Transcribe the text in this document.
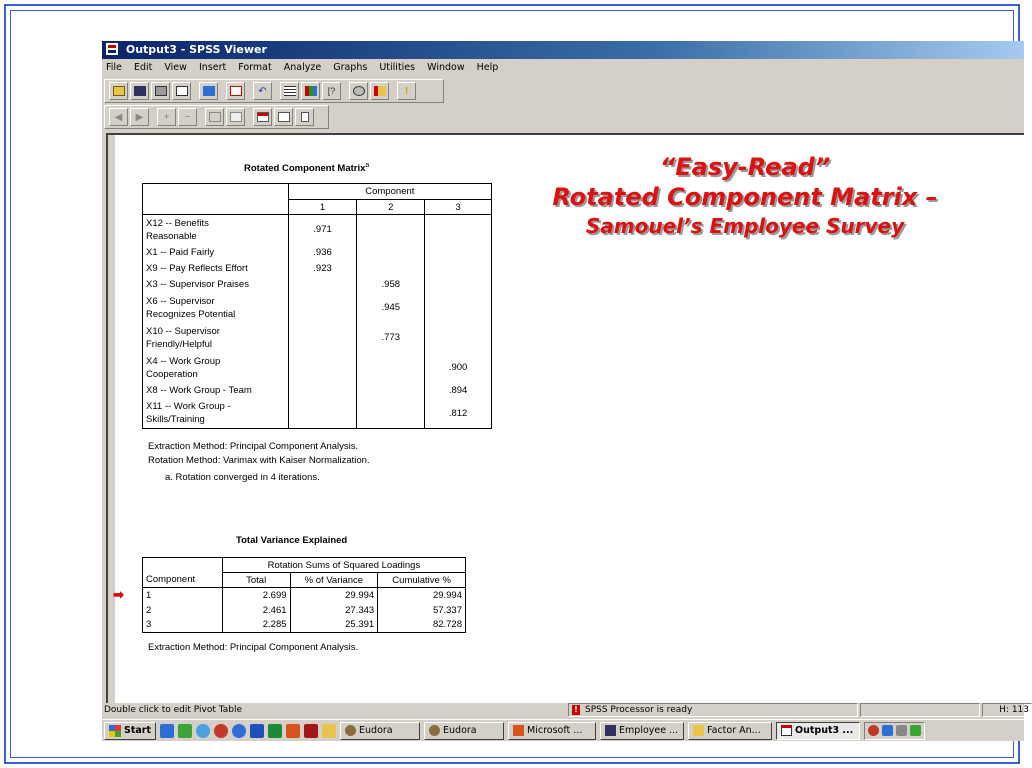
Output3 - SPSS Viewer
File Edit View Insert Format Analyze Graphs Utilities Window Help
↶	[?	!
◀ ▶ + −
Double click to edit Pivot Table	! SPSS Processor is ready	H: 113
Start	Eudora	Eudora	Microsoft ...	Employee ...	Factor An...	Output3 ...
Rotated Component Matrix$^a$
	Component		
	1	2	3

X12 -- Benefits
Reasonable	.971		

X1 -- Paid Fairly	.936		

X9 -- Pay Reflects Effort	.923		

X3 -- Supervisor Praises		.958	

X6 -- Supervisor
Recognizes Potential		.945	

X10 -- Supervisor
Friendly/Helpful		.773	

X4 -- Work Group
Cooperation			.900

X8 -- Work Group - Team			.894

X11 -- Work Group -
Skills/Training			.812
Extraction Method: Principal Component Analysis.
Rotation Method: Varimax with Kaiser Normalization.
a. Rotation converged in 4 iterations.
Total Variance Explained
	Rotation Sums of Squared Loadings		
Component	Total	% of Variance	Cumulative %
1	2.699	29.994	29.994
2	2.461	27.343	57.337
3	2.285	25.391	82.728
Extraction Method: Principal Component Analysis.
➡
“Easy-Read”
Rotated Component Matrix –
Samouel’s Employee Survey
